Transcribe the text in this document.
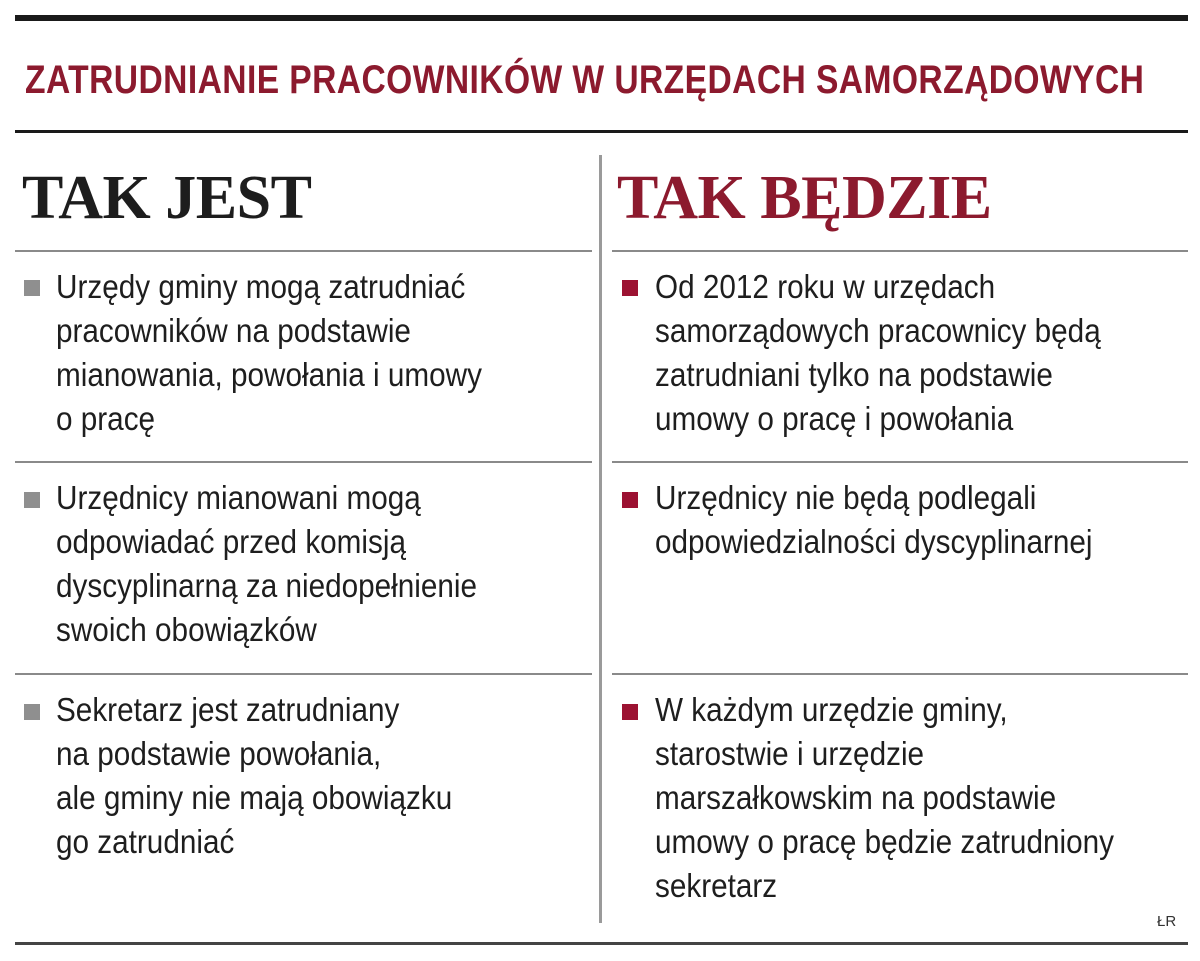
ZATRUDNIANIE PRACOWNIKÓW W URZĘDACH SAMORZĄDOWYCH
TAK JEST	TAK BĘDZIE

Urzędy gminy mogą zatrudniać
pracowników na podstawie
mianowania, powołania i umowy
o pracę

Urzędnicy mianowani mogą
odpowiadać przed komisją
dyscyplinarną za niedopełnienie
swoich obowiązków

Sekretarz jest zatrudniany
na podstawie powołania,
ale gminy nie mają obowiązku
go zatrudniać

Od 2012 roku w urzędach
samorządowych pracownicy będą
zatrudniani tylko na podstawie
umowy o pracę i powołania

Urzędnicy nie będą podlegali
odpowiedzialności dyscyplinarnej

W każdym urzędzie gminy,
starostwie i urzędzie
marszałkowskim na podstawie
umowy o pracę będzie zatrudniony
sekretarz

ŁR
